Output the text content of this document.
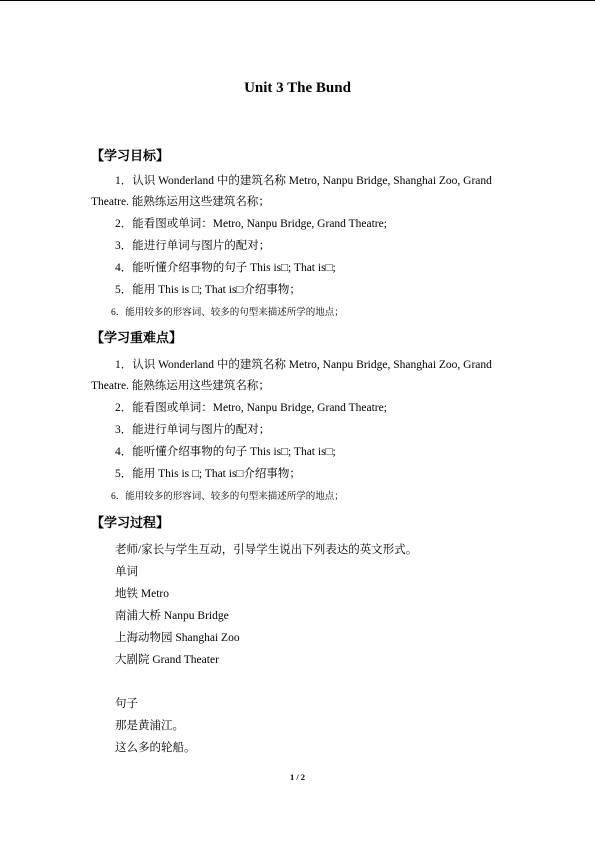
Unit 3 The Bund
【学习目标】
1．认识 Wonderland 中的建筑名称 Metro, Nanpu Bridge, Shanghai Zoo, Grand
Theatre. 能熟练运用这些建筑名称；
2．能看图或单词：Metro, Nanpu Bridge, Grand Theatre;
3．能进行单词与图片的配对；
4．能听懂介绍事物的句子 This is□; That is□;
5．能用 This is □; That is□介绍事物；
6．能用较多的形容词、较多的句型来描述所学的地点；
【学习重难点】
1．认识 Wonderland 中的建筑名称 Metro, Nanpu Bridge, Shanghai Zoo, Grand
Theatre. 能熟练运用这些建筑名称；
2．能看图或单词：Metro, Nanpu Bridge, Grand Theatre;
3．能进行单词与图片的配对；
4．能听懂介绍事物的句子 This is□; That is□;
5．能用 This is □; That is□介绍事物；
6．能用较多的形容词、较多的句型来描述所学的地点；
【学习过程】
老师/家长与学生互动，引导学生说出下列表达的英文形式。
单词
地铁 Metro
南浦大桥 Nanpu Bridge
上海动物园 Shanghai Zoo
大剧院 Grand Theater
句子
那是黄浦江。
这么多的轮船。
1 / 2
